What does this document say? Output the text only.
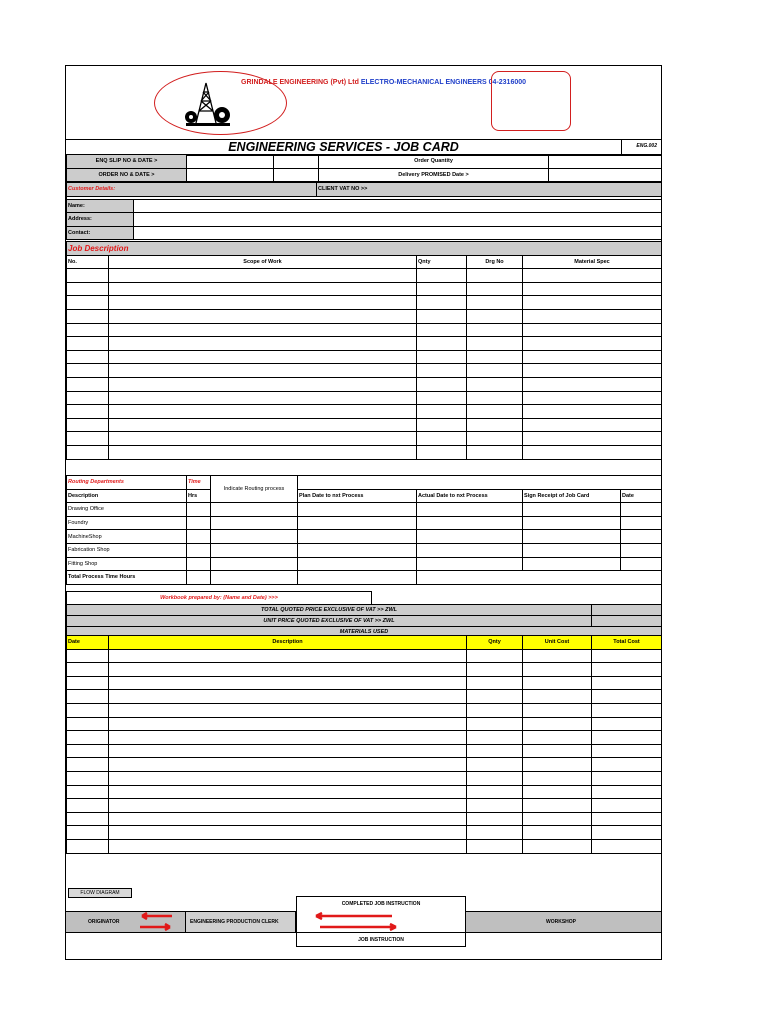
GRINDALE ENGINEERING (Pvt) Ltd ELECTRO-MECHANICAL ENGINEERS 04-2316000
ENGINEERING SERVICES - JOB CARD	ENG.002
ENQ SLIP NO & DATE >			Order Quantity	
ORDER NO & DATE >			Delivery PROMISED Date >	
Customer Details:		CLIENT VAT NO >>

Name:		
Address:		
Contact:		
Job Description				
No.	Scope of Work	Qnty	Drg No	Material Spec

Routing Departments	Time	Indicate Routing process				
Description	Hrs		Plan Date to nxt Process	Actual Date to nxt Process	Sign Receipt of Job Card	Date
Drawing Office						
Foundry						
MachineShop						
Fabrication Shop						
Fitting Shop						
Total Process Time Hours						
Workbook prepared by: (Name and Date) >>>	
TOTAL QUOTED PRICE EXCLUSIVE OF VAT >> ZWL	
UNIT PRICE QUOTED EXCLUSIVE OF VAT >> ZWL	
MATERIALS USED	
Date	Description	Qnty	Unit Cost	Total Cost

FLOW DIAGRAM
COMPLETED JOB INSTRUCTION
ORIGINATOR	ENGINEERING PRODUCTION CLERK	WORKSHOP
JOB INSTRUCTION
